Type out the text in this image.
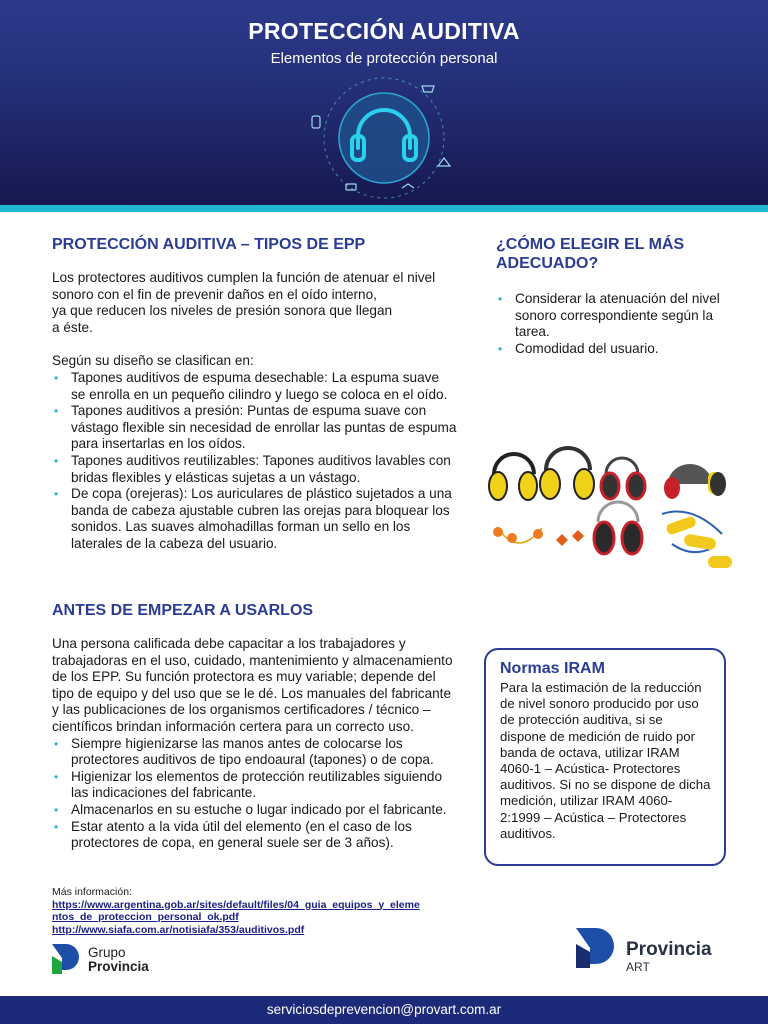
PROTECCIÓN AUDITIVA
Elementos de protección personal
PROTECCIÓN AUDITIVA – TIPOS DE EPP

Los protectores auditivos cumplen la función de atenuar el nivel

sonoro con el fin de prevenir daños en el oído interno,

ya que reducen los niveles de presión sonora que llegan

a éste.

Según su diseño se clasifican en:

• Tapones auditivos de espuma desechable: La espuma suave se enrolla en un pequeño cilindro y luego se coloca en el oído.
• Tapones auditivos a presión: Puntas de espuma suave con vástago flexible sin necesidad de enrollar las puntas de espuma para insertarlas en los oídos.
• Tapones auditivos reutilizables: Tapones auditivos lavables con bridas flexibles y elásticas sujetas a un vástago.
• De copa (orejeras): Los auriculares de plástico sujetados a una banda de cabeza ajustable cubren las orejas para bloquear los sonidos. Las suaves almohadillas forman un sello en los laterales de la cabeza del usuario.
ANTES DE EMPEZAR A USARLOS

Una persona calificada debe capacitar a los trabajadores y trabajadoras en el uso, cuidado, mantenimiento y almacenamiento de los EPP. Su función protectora es muy variable; depende del tipo de equipo y del uso que se le dé. Los manuales del fabricante y las publicaciones de los organismos certificadores / técnico – científicos brindan información certera para un correcto uso.

• Siempre higienizarse las manos antes de colocarse los protectores auditivos de tipo endoaural (tapones) o de copa.
• Higienizar los elementos de protección reutilizables siguiendo las indicaciones del fabricante.
• Almacenarlos en su estuche o lugar indicado por el fabricante.
• Estar atento a la vida útil del elemento (en el caso de los protectores de copa, en general suele ser de 3 años).
¿CÓMO ELEGIR EL MÁS ADECUADO?
• Considerar la atenuación del nivel sonoro correspondiente según la tarea.
• Comodidad del usuario.
Normas IRAM

Para la estimación de la reducción de nivel sonoro producido por uso de protección auditiva, si se dispone de medición de ruido por banda de octava, utilizar IRAM 4060-1 – Acústica- Protectores auditivos. Si no se dispone de dicha medición, utilizar IRAM 4060-2:1999 – Acústica – Protectores auditivos.

Más información:
https://www.argentina.gob.ar/sites/default/files/04_guia_equipos_y_eleme
ntos_de_proteccion_personal_ok.pdf
http://www.siafa.com.ar/notisiafa/353/auditivos.pdf
Grupo
Provincia
Provincia
ART
serviciosdeprevencion@provart.com.ar
